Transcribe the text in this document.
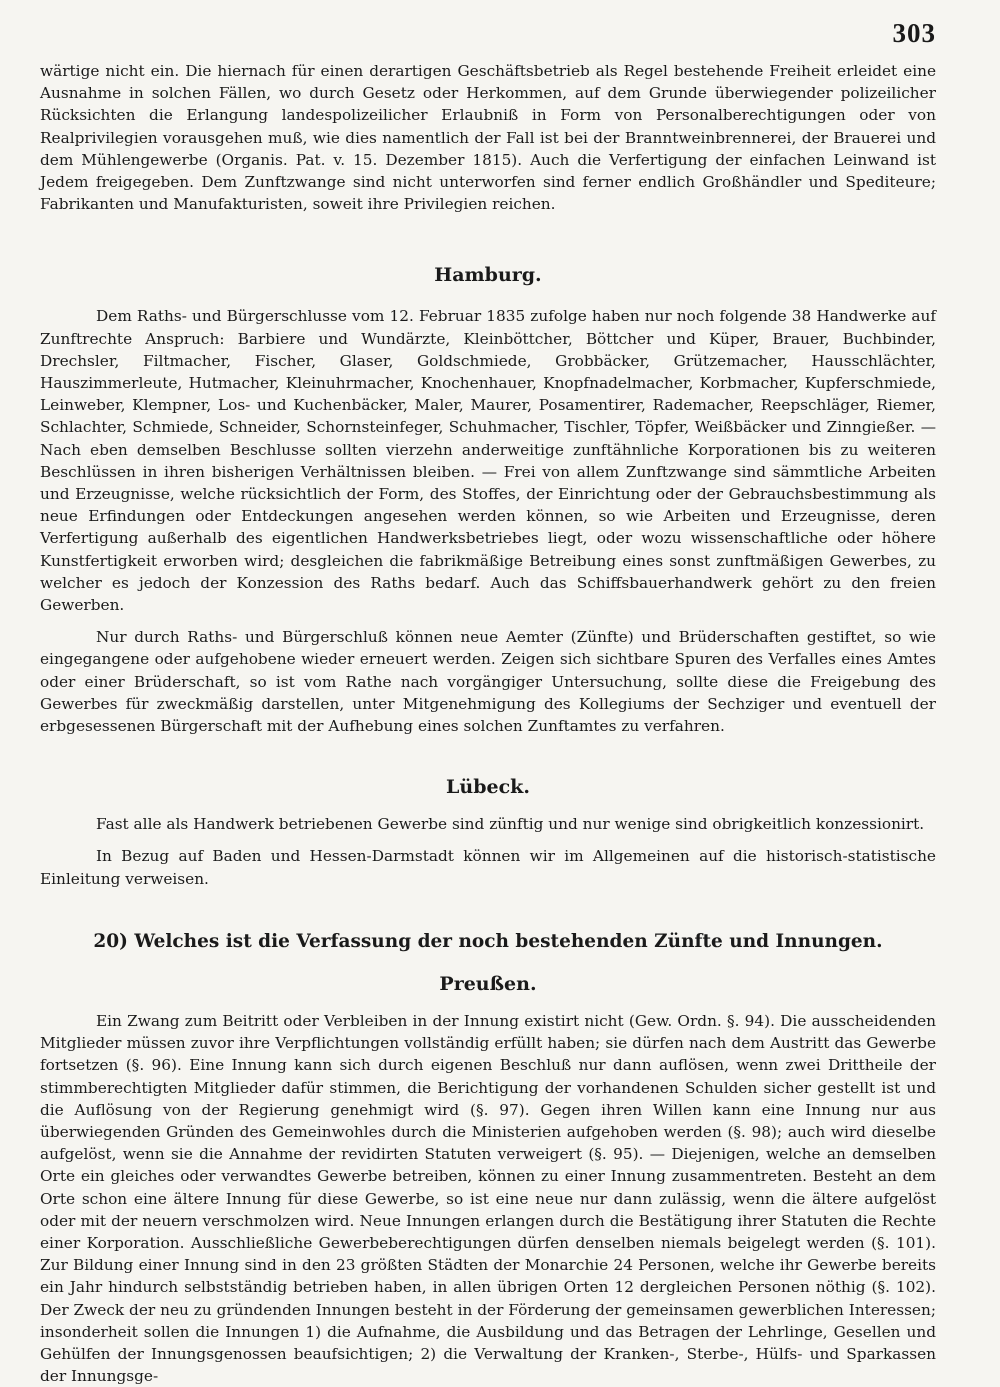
303

wärtige nicht ein. Die hiernach für einen derartigen Geschäftsbetrieb als Regel bestehende Freiheit erleidet eine Ausnahme in solchen Fällen, wo durch Gesetz oder Herkommen, auf dem Grunde überwiegender polizeilicher Rücksichten die Erlangung landespolizeilicher Erlaubniß in Form von Personalberechtigungen oder von Realprivilegien vorausgehen muß, wie dies namentlich der Fall ist bei der Branntweinbrennerei, der Brauerei und dem Mühlengewerbe (Organis. Pat. v. 15. Dezember 1815). Auch die Verfertigung der einfachen Leinwand ist Jedem freigegeben. Dem Zunftzwange sind nicht unterworfen sind ferner endlich Großhändler und Spediteure; Fabrikanten und Manufakturisten, soweit ihre Privilegien reichen.

Hamburg.

Dem Raths- und Bürgerschlusse vom 12. Februar 1835 zufolge haben nur noch folgende 38 Handwerke auf Zunftrechte Anspruch: Barbiere und Wundärzte, Kleinböttcher, Böttcher und Küper, Brauer, Buchbinder, Drechsler, Filtmacher, Fischer, Glaser, Goldschmiede, Grobbäcker, Grützemacher, Hausschlächter, Hauszimmerleute, Hutmacher, Kleinuhrmacher, Knochenhauer, Knopfnadelmacher, Korbmacher, Kupferschmiede, Leinweber, Klempner, Los- und Kuchenbäcker, Maler, Maurer, Posamentirer, Rademacher, Reepschläger, Riemer, Schlachter, Schmiede, Schneider, Schornsteinfeger, Schuhmacher, Tischler, Töpfer, Weißbäcker und Zinngießer. — Nach eben demselben Beschlusse sollten vierzehn anderweitige zunftähnliche Korporationen bis zu weiteren Beschlüssen in ihren bisherigen Verhältnissen bleiben. — Frei von allem Zunftzwange sind sämmtliche Arbeiten und Erzeugnisse, welche rücksichtlich der Form, des Stoffes, der Einrichtung oder der Gebrauchsbestimmung als neue Erfindungen oder Entdeckungen angesehen werden können, so wie Arbeiten und Erzeugnisse, deren Verfertigung außerhalb des eigentlichen Handwerksbetriebes liegt, oder wozu wissenschaftliche oder höhere Kunstfertigkeit erworben wird; desgleichen die fabrikmäßige Betreibung eines sonst zunftmäßigen Gewerbes, zu welcher es jedoch der Konzession des Raths bedarf. Auch das Schiffsbauerhandwerk gehört zu den freien Gewerben.

Nur durch Raths- und Bürgerschluß können neue Aemter (Zünfte) und Brüderschaften gestiftet, so wie eingegangene oder aufgehobene wieder erneuert werden. Zeigen sich sichtbare Spuren des Verfalles eines Amtes oder einer Brüderschaft, so ist vom Rathe nach vorgängiger Untersuchung, sollte diese die Freigebung des Gewerbes für zweckmäßig darstellen, unter Mitgenehmigung des Kollegiums der Sechziger und eventuell der erbgesessenen Bürgerschaft mit der Aufhebung eines solchen Zunftamtes zu verfahren.

Lübeck.

Fast alle als Handwerk betriebenen Gewerbe sind zünftig und nur wenige sind obrigkeitlich konzessionirt.

In Bezug auf Baden und Hessen-Darmstadt können wir im Allgemeinen auf die historisch-statistische Einleitung verweisen.

20) Welches ist die Verfassung der noch bestehenden Zünfte und Innungen.
Preußen.

Ein Zwang zum Beitritt oder Verbleiben in der Innung existirt nicht (Gew. Ordn. §. 94). Die ausscheidenden Mitglieder müssen zuvor ihre Verpflichtungen vollständig erfüllt haben; sie dürfen nach dem Austritt das Gewerbe fortsetzen (§. 96). Eine Innung kann sich durch eigenen Beschluß nur dann auflösen, wenn zwei Drittheile der stimmberechtigten Mitglieder dafür stimmen, die Berichtigung der vorhandenen Schulden sicher gestellt ist und die Auflösung von der Regierung genehmigt wird (§. 97). Gegen ihren Willen kann eine Innung nur aus überwiegenden Gründen des Gemeinwohles durch die Ministerien aufgehoben werden (§. 98); auch wird dieselbe aufgelöst, wenn sie die Annahme der revidirten Statuten verweigert (§. 95). — Diejenigen, welche an demselben Orte ein gleiches oder verwandtes Gewerbe betreiben, können zu einer Innung zusammentreten. Besteht an dem Orte schon eine ältere Innung für diese Gewerbe, so ist eine neue nur dann zulässig, wenn die ältere aufgelöst oder mit der neuern verschmolzen wird. Neue Innungen erlangen durch die Bestätigung ihrer Statuten die Rechte einer Korporation. Ausschließliche Gewerbeberechtigungen dürfen denselben niemals beigelegt werden (§. 101). Zur Bildung einer Innung sind in den 23 größten Städten der Monarchie 24 Personen, welche ihr Gewerbe bereits ein Jahr hindurch selbstständig betrieben haben, in allen übrigen Orten 12 dergleichen Personen nöthig (§. 102). Der Zweck der neu zu gründenden Innungen besteht in der Förderung der gemeinsamen gewerblichen Interessen; insonderheit sollen die Innungen 1) die Aufnahme, die Ausbildung und das Betragen der Lehrlinge, Gesellen und Gehülfen der Innungsgenossen beaufsichtigen; 2) die Verwaltung der Kranken-, Sterbe-, Hülfs- und Sparkassen der Innungsge-
